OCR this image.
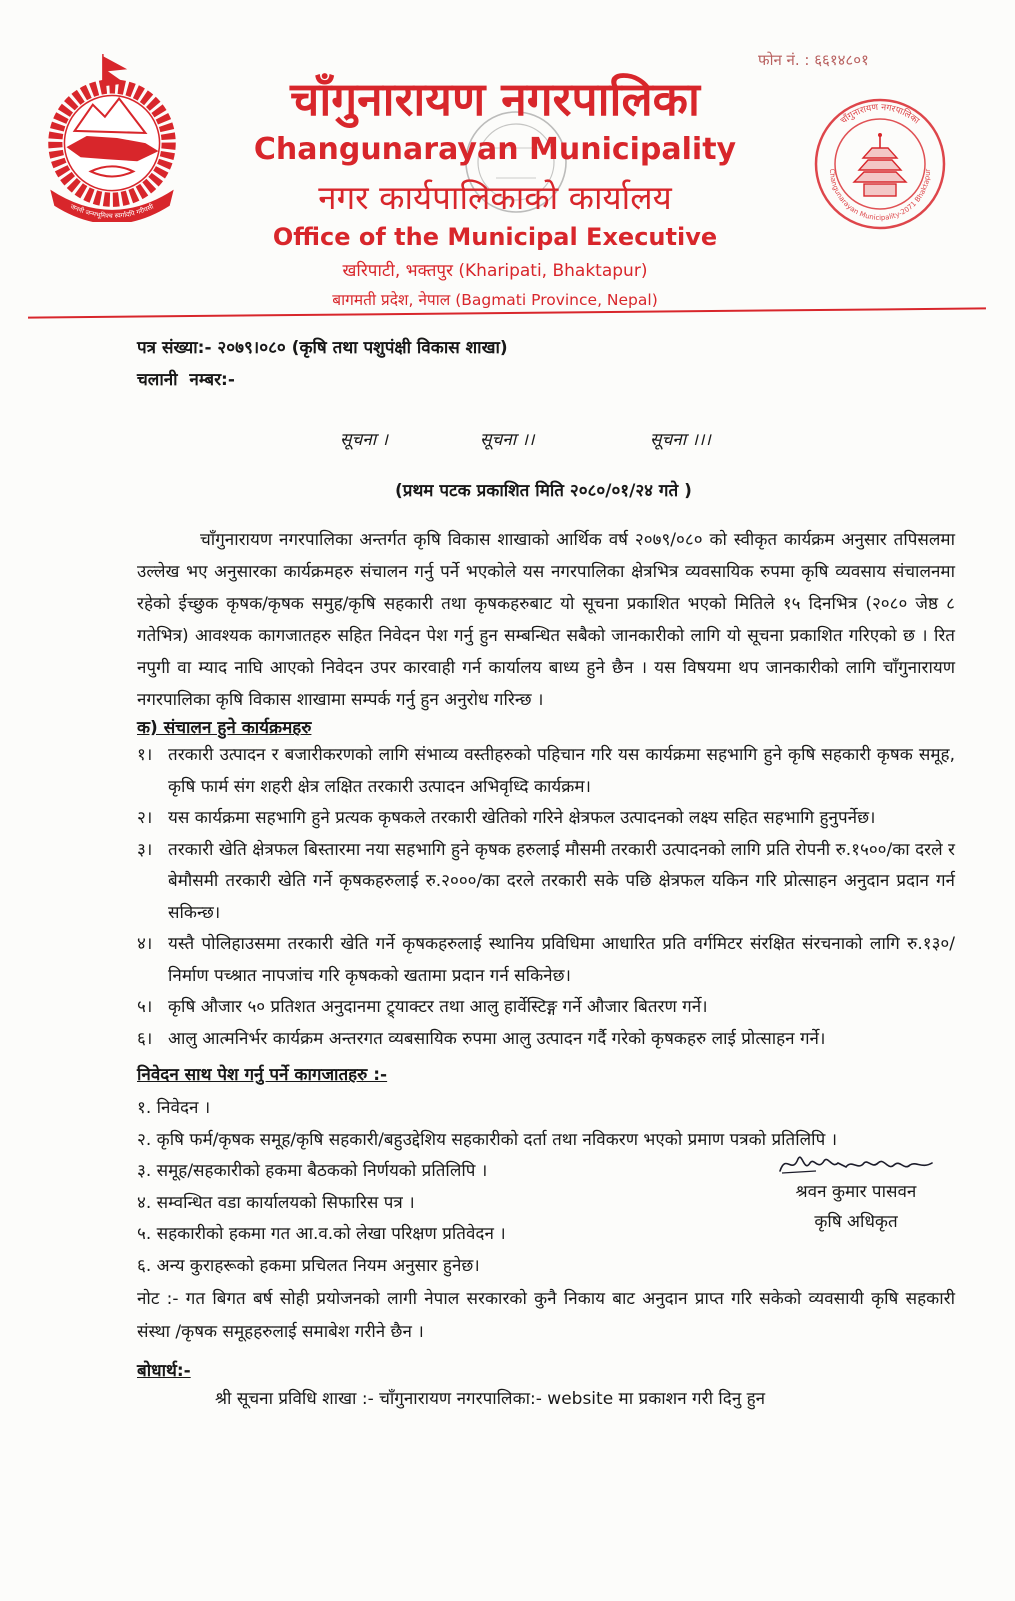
फोन नं. : ६६१४८०१
जननी जन्मभूमिश्च स्वर्गादपि गरीयसी
चाँगुनारायण नगरपालिका
Changunarayan Municipality
नगर कार्यपालिकाको कार्यालय
Office of the Municipal Executive
खरिपाटी, भक्तपुर (Kharipati, Bhaktapur)
बागमती प्रदेश, नेपाल (Bagmati Province, Nepal)
चाँगुनारायण नगरपालिका
Changunarayan Municipality-2071 Bhaktapur
पत्र संख्या:- २०७९।०८० (कृषि तथा पशुपंक्षी विकास शाखा)
चलानी  नम्बर:-
सूचना ।	सूचना ।।	सूचना ।।।
(प्रथम पटक प्रकाशित मिति २०८०/०१/२४ गते )
चाँगुनारायण नगरपालिका अन्तर्गत कृषि विकास शाखाको आर्थिक वर्ष २०७९/०८० को स्वीकृत कार्यक्रम अनुसार तपिसलमा उल्लेख भए अनुसारका कार्यक्रमहरु संचालन गर्नु पर्ने भएकोले यस नगरपालिका क्षेत्रभित्र व्यवसायिक रुपमा कृषि व्यवसाय संचालनमा रहेको ईच्छुक कृषक/कृषक समुह/कृषि सहकारी तथा कृषकहरुबाट यो सूचना प्रकाशित भएको मितिले १५ दिनभित्र (२०८० जेष्ठ ८ गतेभित्र) आवश्यक कागजातहरु सहित निवेदन पेश गर्नु हुन सम्बन्धित सबैको जानकारीको लागि यो सूचना प्रकाशित गरिएको छ । रित नपुगी वा म्याद नाघि आएको निवेदन उपर कारवाही गर्न कार्यालय बाध्य हुने छैन । यस विषयमा थप जानकारीको लागि चाँगुनारायण नगरपालिका कृषि विकास शाखामा सम्पर्क गर्नु हुन अनुरोध गरिन्छ ।
क) संचालन हुने कार्यक्रमहरु
१। तरकारी उत्पादन र बजारीकरणको लागि संभाव्य वस्तीहरुको पहिचान गरि यस कार्यक्रमा सहभागि हुने कृषि सहकारी कृषक समूह, कृषि फार्म संग शहरी क्षेत्र लक्षित तरकारी उत्पादन अभिवृध्दि कार्यक्रम।
२। यस कार्यक्रमा सहभागि हुने प्रत्यक कृषकले तरकारी खेतिको गरिने क्षेत्रफल उत्पादनको लक्ष्य सहित सहभागि हुनुपर्नेछ।
३। तरकारी खेति क्षेत्रफल बिस्तारमा नया सहभागि हुने कृषक हरुलाई मौसमी तरकारी उत्पादनको लागि प्रति रोपनी रु.१५००/का दरले र बेमौसमी तरकारी खेति गर्ने कृषकहरुलाई रु.२०००/का दरले तरकारी सके पछि क्षेत्रफल यकिन गरि प्रोत्साहन अनुदान प्रदान गर्न सकिन्छ।
४। यस्तै पोलिहाउसमा तरकारी खेति गर्ने कृषकहरुलाई स्थानिय प्रविधिमा आधारित प्रति वर्गमिटर संरक्षित संरचनाको लागि रु.१३०/ निर्माण पच्श्रात नापजांच गरि कृषकको खतामा प्रदान गर्न सकिनेछ।
५। कृषि औजार ५० प्रतिशत अनुदानमा ट्र्याक्टर तथा आलु हार्वेस्टिङ्ग गर्ने औजार बितरण गर्ने।
६। आलु आत्मनिर्भर कार्यक्रम अन्तरगत व्यबसायिक रुपमा आलु उत्पादन गर्दै गरेको कृषकहरु लाई प्रोत्साहन गर्ने।
निवेदन साथ पेश गर्नु पर्ने कागजातहरु :-
१. निवेदन ।
२. कृषि फर्म/कृषक समूह/कृषि सहकारी/बहुउद्देशिय सहकारीको दर्ता तथा नविकरण भएको प्रमाण पत्रको प्रतिलिपि ।
३. समूह/सहकारीको हकमा बैठकको निर्णयको प्रतिलिपि ।
४. सम्वन्धित वडा कार्यालयको सिफारिस पत्र ।
५. सहकारीको हकमा गत आ.व.को लेखा परिक्षण प्रतिवेदन ।
६. अन्य कुराहरूको हकमा प्रचिलत नियम अनुसार हुनेछ।
श्रवन कुमार पासवन
कृषि अधिकृत
नोट :- गत बिगत बर्ष सोही प्रयोजनको लागी नेपाल सरकारको कुनै निकाय बाट अनुदान प्राप्त गरि सकेको व्यवसायी कृषि सहकारी संस्था /कृषक समूहहरुलाई समाबेश गरीने छैन ।
बोधार्थ:-
श्री सूचना प्रविधि शाखा :- चाँगुनारायण नगरपालिका:- website मा प्रकाशन गरी दिनु हुन
